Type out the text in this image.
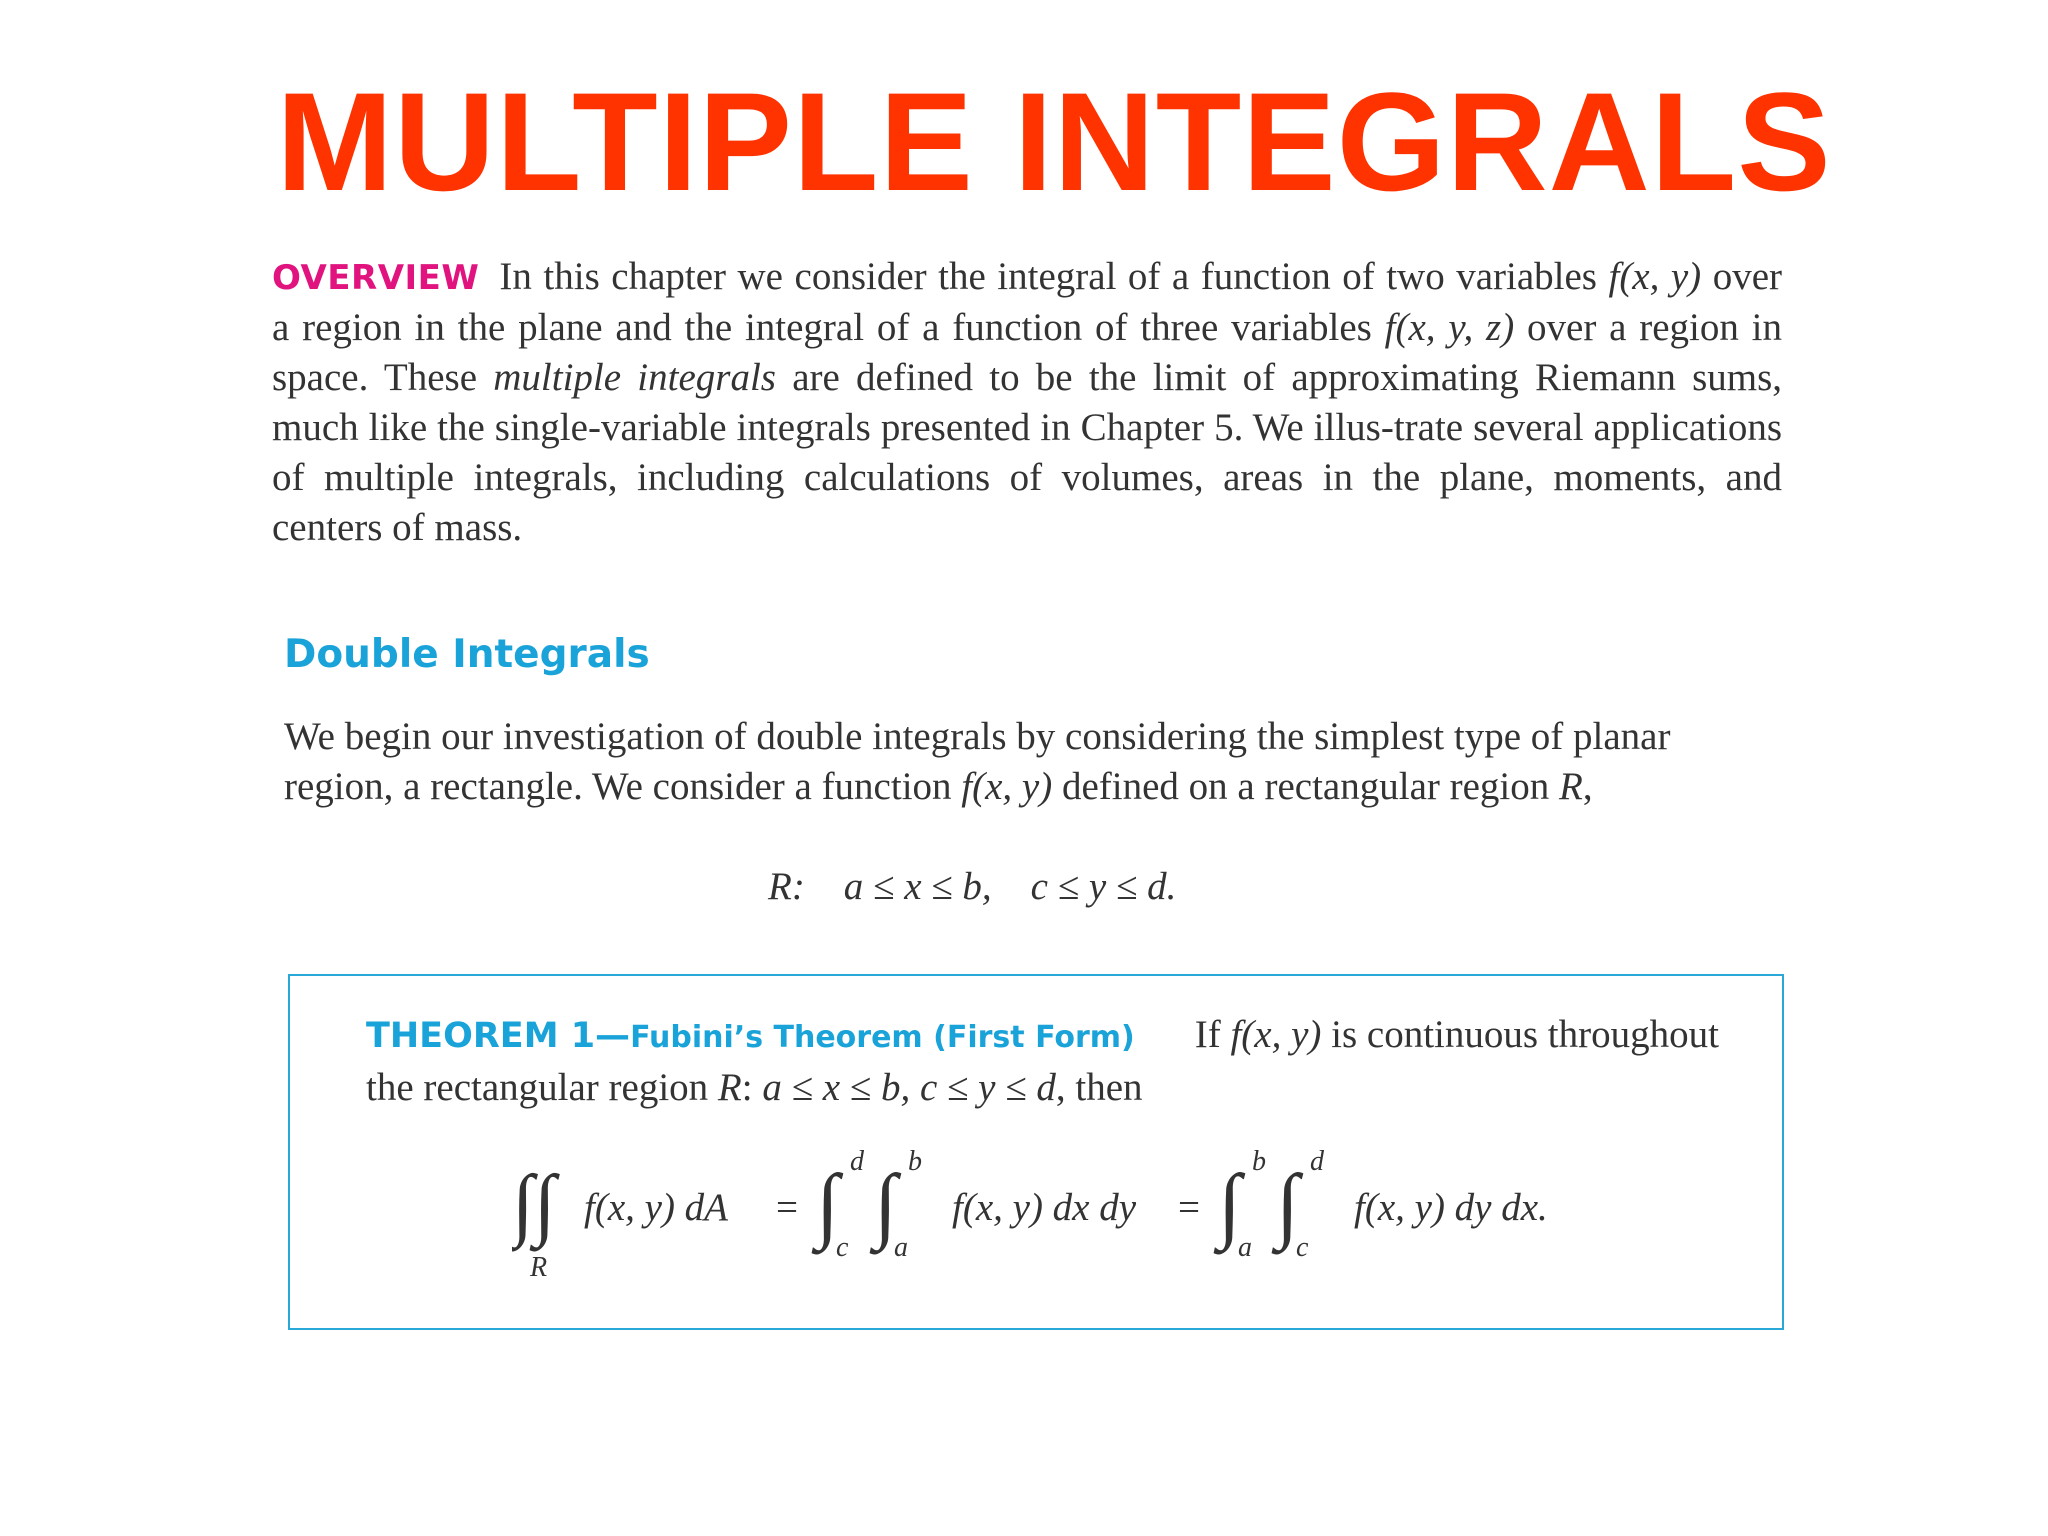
MULTIPLE INTEGRALS

OVERVIEW In this chapter we consider the integral of a function of two variables f(x, y) over a region in the plane and the integral of a function of three variables f(x, y, z) over a region in space. These multiple integrals are defined to be the limit of approximating Riemann sums, much like the single-variable integrals presented in Chapter 5. We illus-trate several applications of multiple integrals, including calculations of volumes, areas in the plane, moments, and centers of mass.

Double Integrals

We begin our investigation of double integrals by considering the simplest type of planar region, a rectangle. We consider a function f(x, y) defined on a rectangular region R,

R:    a ≤ x ≤ b,    c ≤ y ≤ d.

THEOREM 1—Fubini’s Theorem (First Form) If f(x, y) is continuous throughout the rectangular region R: a ≤ x ≤ b, c ≤ y ≤ d, then

∫∫
R
f(x, y) dA = ∫ d
c ∫ b
a
f(x, y) dx dy = ∫ b
a ∫ d
c
f(x, y) dy dx.
